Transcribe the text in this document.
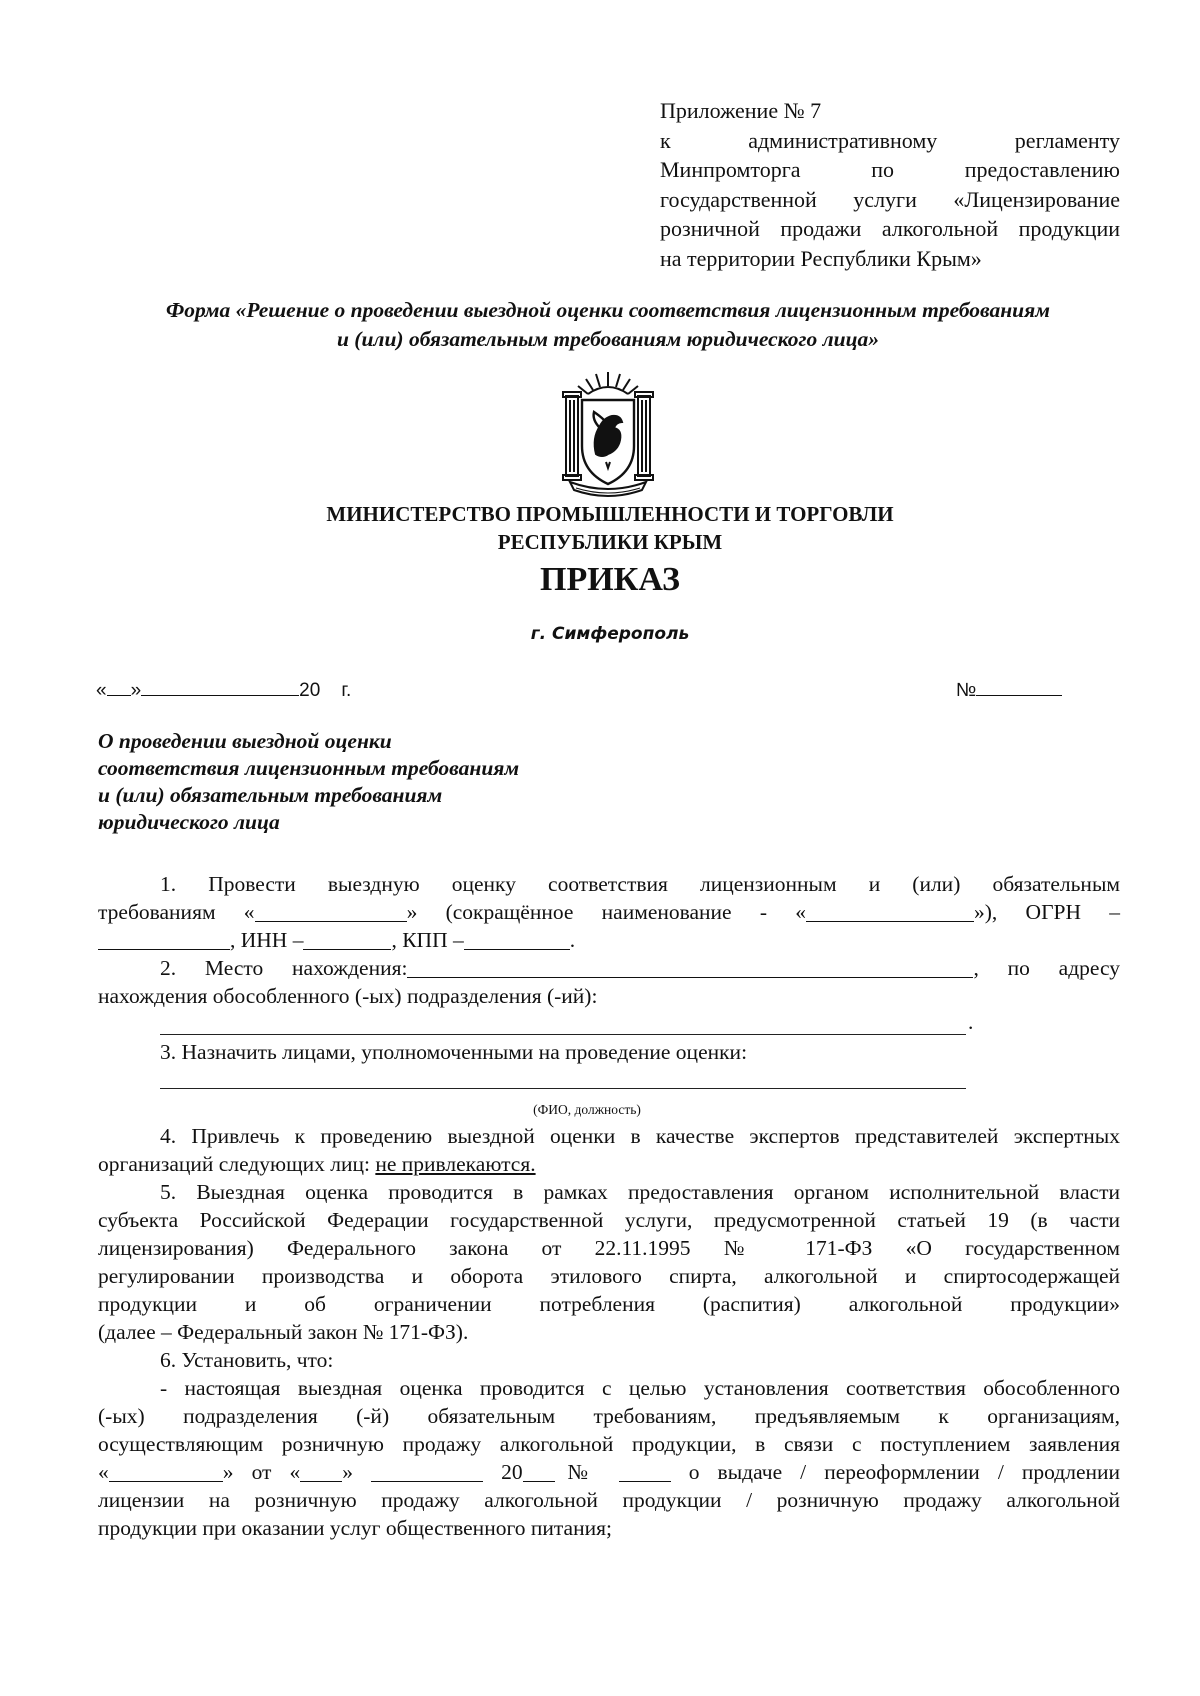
Приложение № 7
к административному регламенту
Минпромторга по предоставлению
государственной услуги «Лицензирование
розничной продажи алкогольной продукции
на территории Республики Крым»
Форма «Решение о проведении выездной оценки соответствия лицензионным требованиям
и (или) обязательным требованиям юридического лица»
МИНИСТЕРСТВО ПРОМЫШЛЕННОСТИ И ТОРГОВЛИ
РЕСПУБЛИКИ КРЫМ
ПРИКАЗ
г. Симферополь
« »	20 г.	№
О проведении выездной оценки
соответствия лицензионным требованиям
и (или) обязательным требованиям
юридического лица
1. Провести выездную оценку соответствия лицензионным и (или) обязательным
требованиям «	» (сокращённое наименование - «	»), ОГРН –
, ИНН –	, КПП –	.
2. Место нахождения:	, по адресу
нахождения обособленного (-ых) подразделения (-ий):
.
3. Назначить лицами, уполномоченными на проведение оценки:
(ФИО, должность)
4. Привлечь к проведению выездной оценки в качестве экспертов представителей экспертных
организаций следующих лиц: не привлекаются.
5. Выездная оценка проводится в рамках предоставления органом исполнительной власти
субъекта Российской Федерации государственной услуги, предусмотренной статьей 19 (в части
лицензирования) Федерального закона от 22.11.1995 № 171-ФЗ «О государственном
регулировании производства и оборота этилового спирта, алкогольной и спиртосодержащей
продукции и об ограничении потребления (распития) алкогольной продукции»
(далее – Федеральный закон № 171-ФЗ).
6. Установить, что:
- настоящая выездная оценка проводится с целью установления соответствия обособленного
(-ых) подразделения (-й) обязательным требованиям, предъявляемым к организациям,
осуществляющим розничную продажу алкогольной продукции, в связи с поступлением заявления
«	» от « »	20 №	о выдаче / переоформлении / продлении
лицензии на розничную продажу алкогольной продукции / розничную продажу алкогольной
продукции при оказании услуг общественного питания;
